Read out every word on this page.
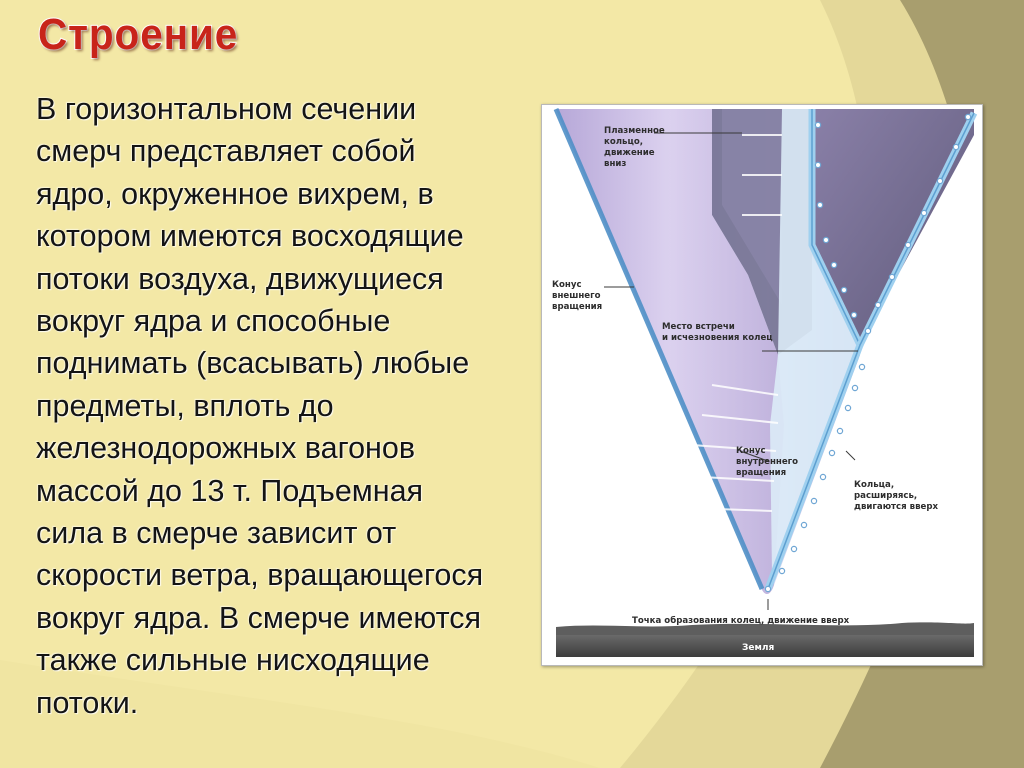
Строение
В горизонтальном сечении
смерч представляет собой
ядро, окруженное вихрем, в
котором имеются восходящие
потоки воздуха, движущиеся
вокруг ядра и способные
поднимать (всасывать) любые
предметы, вплоть до
железнодорожных вагонов
массой до 13 т. Подъемная
сила в смерче зависит от
скорости ветра, вращающегося
вокруг ядра. В смерче имеются
также сильные нисходящие
потоки.
Плазменное кольцо, движение вниз
Конус внешнего вращения
Место встречи и исчезновения колец
Конус внутреннего вращения
Кольца, расширяясь, двигаются вверх
Точка образования колец, движение вверх
Земля
